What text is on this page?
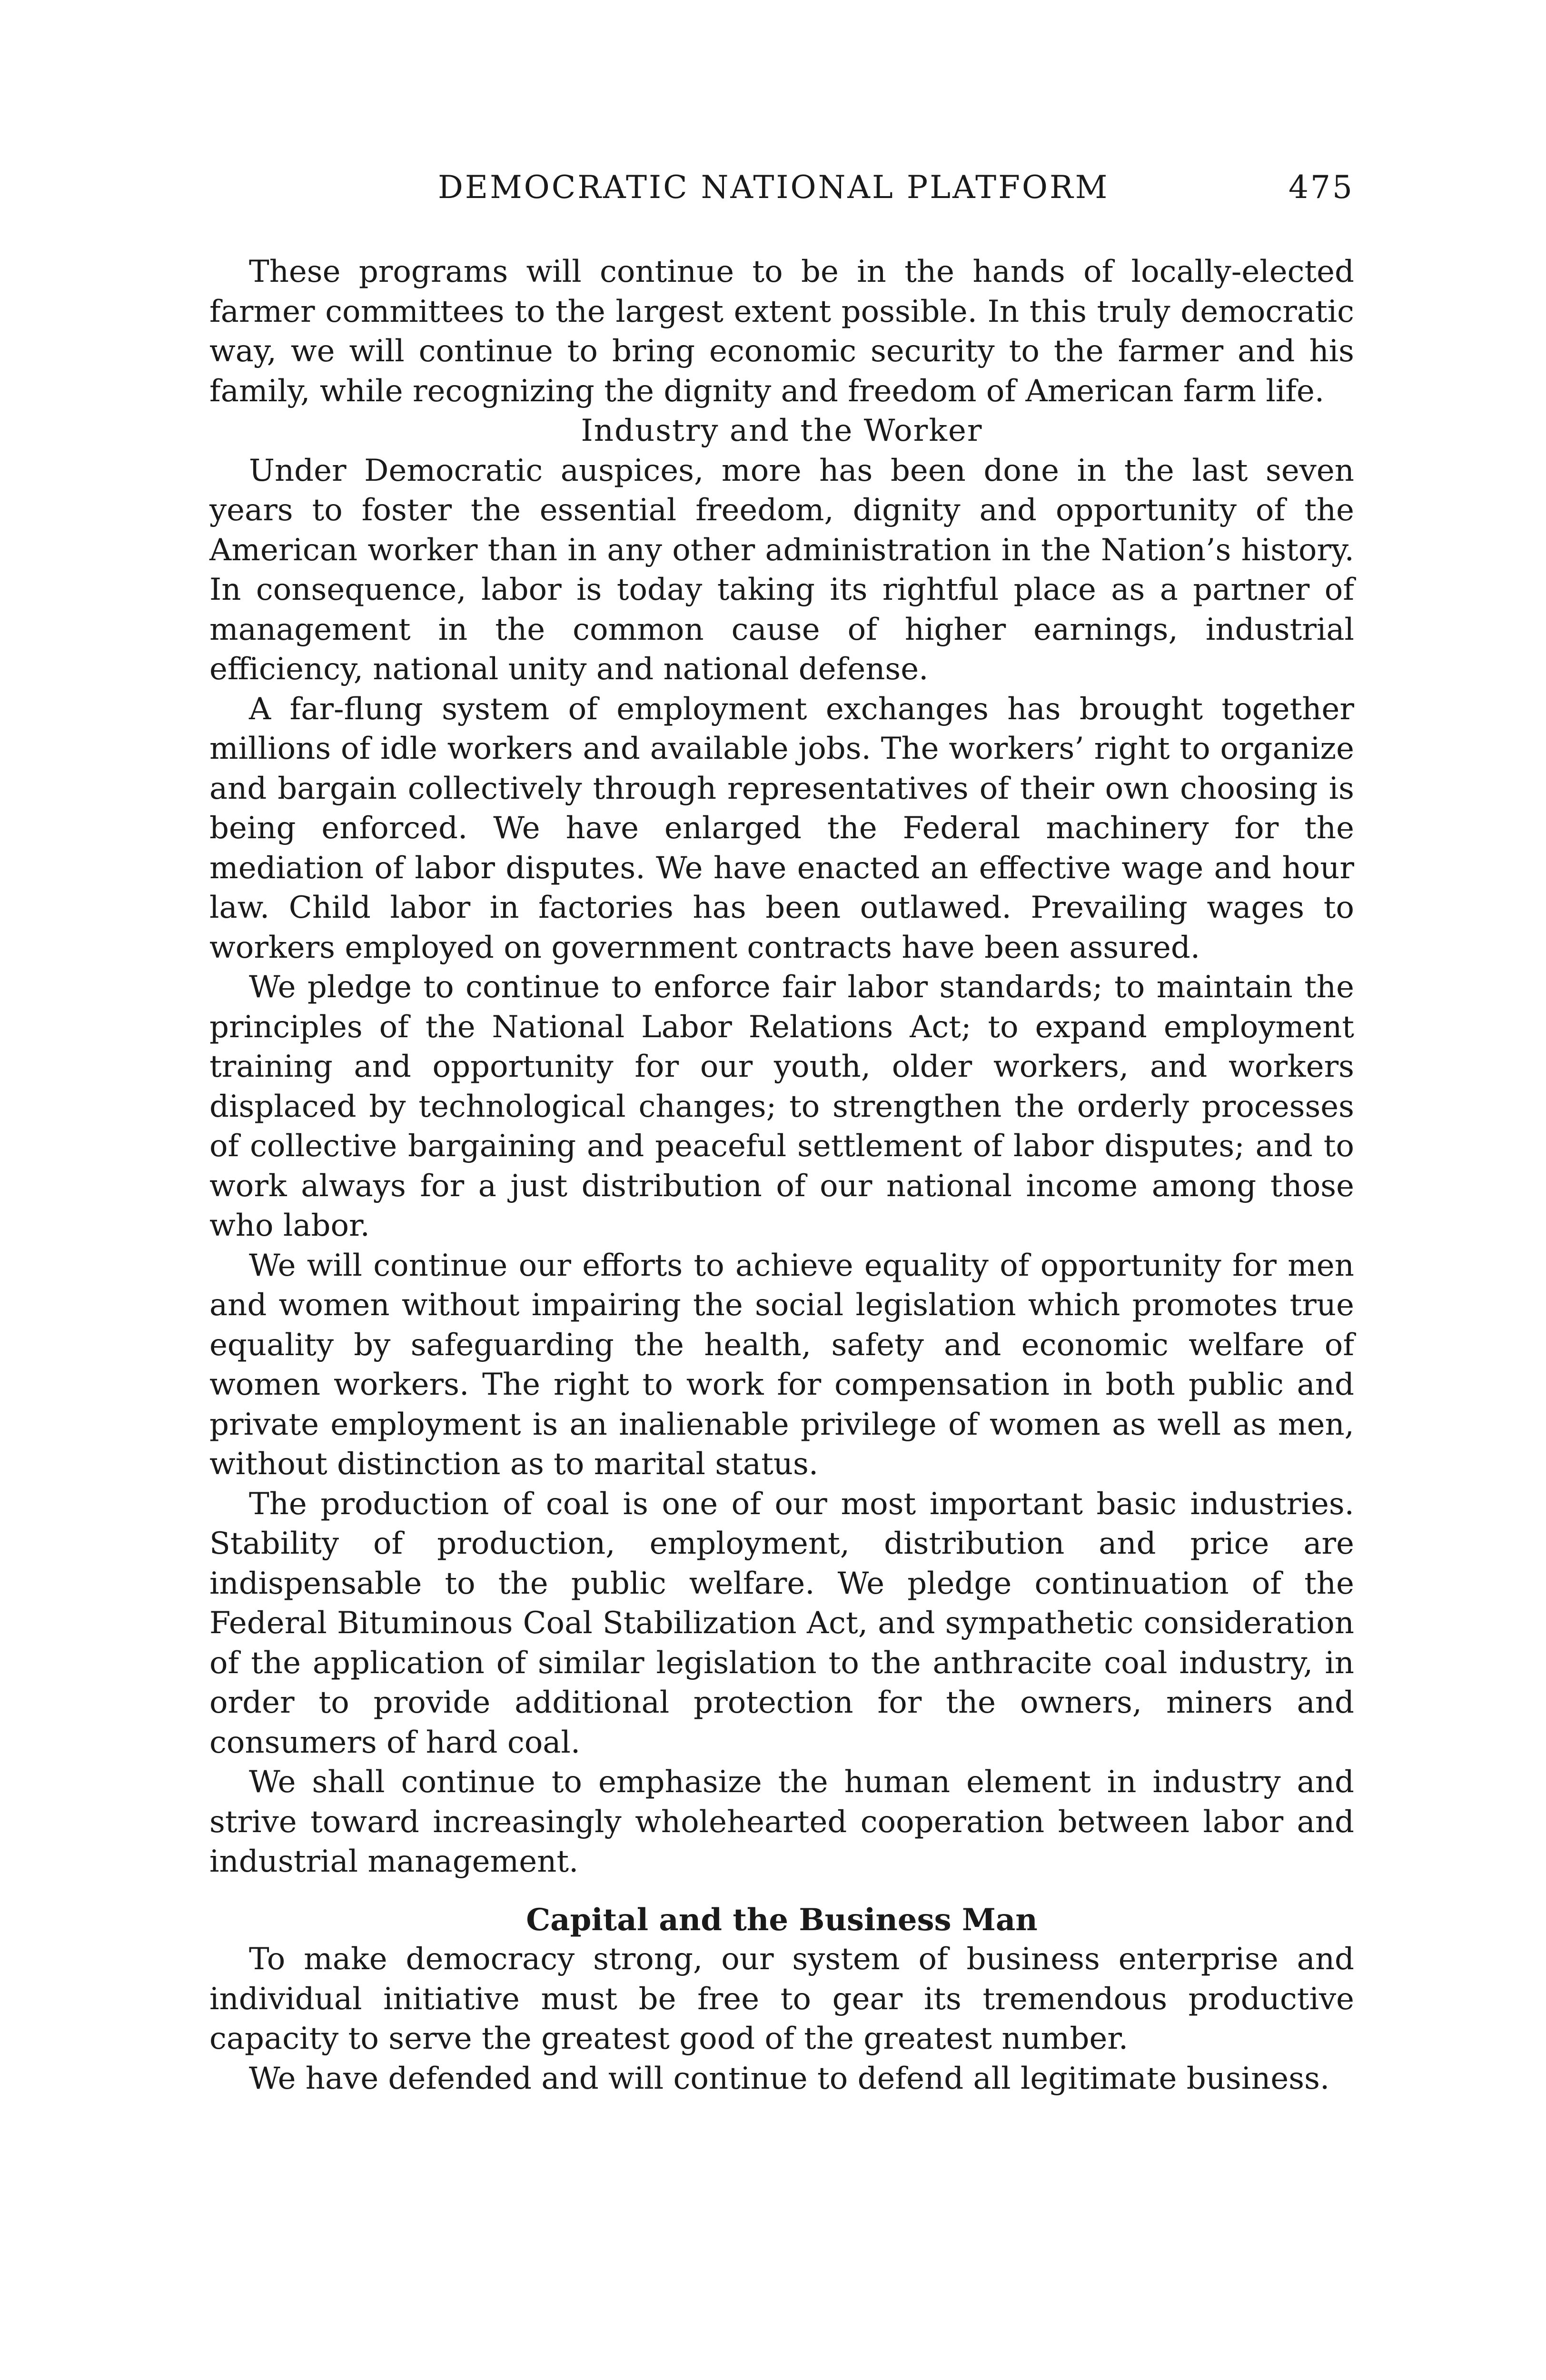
DEMOCRATIC NATIONAL PLATFORM	475

These programs will continue to be in the hands of locally-elected farmer committees to the largest extent possible. In this truly democratic way, we will continue to bring economic security to the farmer and his family, while recognizing the dignity and freedom of American farm life.

Industry and the Worker

Under Democratic auspices, more has been done in the last seven years to foster the essential freedom, dignity and opportunity of the American worker than in any other administration in the Nation’s history. In consequence, labor is today taking its rightful place as a partner of management in the common cause of higher earnings, industrial efficiency, national unity and national defense.

A far-flung system of employment exchanges has brought together millions of idle workers and available jobs. The workers’ right to organize and bargain collectively through representatives of their own choosing is being enforced. We have enlarged the Federal machinery for the mediation of labor disputes. We have enacted an effective wage and hour law. Child labor in factories has been outlawed. Prevailing wages to workers employed on government contracts have been assured.

We pledge to continue to enforce fair labor standards; to maintain the principles of the National Labor Relations Act; to expand employment training and opportunity for our youth, older workers, and workers displaced by technological changes; to strengthen the orderly processes of collective bargaining and peaceful settlement of labor disputes; and to work always for a just distribution of our national income among those who labor.

We will continue our efforts to achieve equality of opportunity for men and women without impairing the social legislation which promotes true equality by safeguarding the health, safety and economic welfare of women workers. The right to work for compensation in both public and private employment is an inalienable privilege of women as well as men, without distinction as to marital status.

The production of coal is one of our most important basic industries. Stability of production, employment, distribution and price are indispensable to the public welfare. We pledge continuation of the Federal Bituminous Coal Stabilization Act, and sympathetic consideration of the application of similar legislation to the anthracite coal industry, in order to provide additional protection for the owners, miners and consumers of hard coal.

We shall continue to emphasize the human element in industry and strive toward increasingly wholehearted cooperation between labor and industrial management.

Capital and the Business Man

To make democracy strong, our system of business enterprise and individual initiative must be free to gear its tremendous productive capacity to serve the greatest good of the greatest number.

We have defended and will continue to defend all legitimate business.
